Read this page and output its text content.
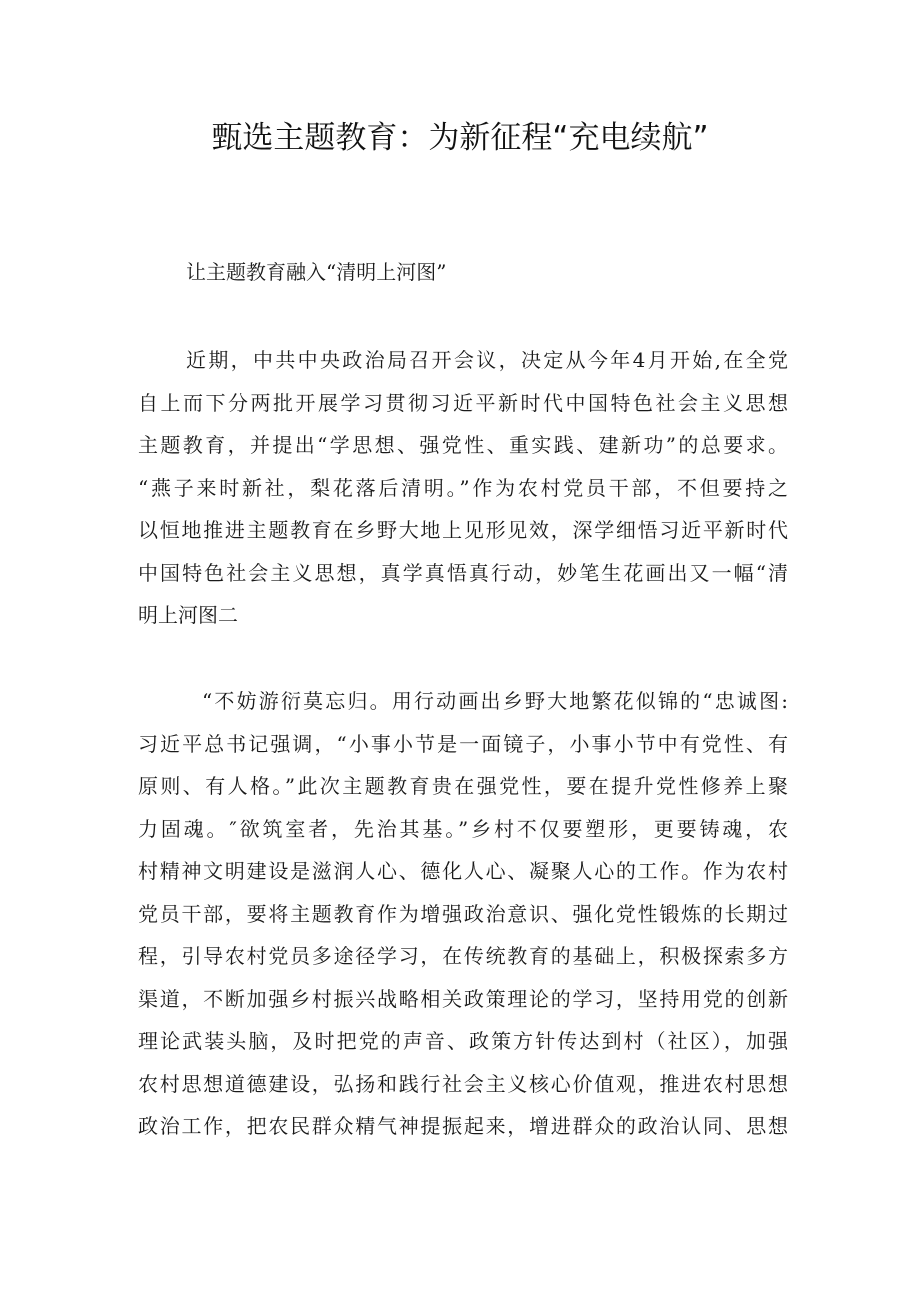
甄选主题教育：为新征程“充电续航”

让主题教育融入“清明上河图”

近期，中共中央政治局召开会议，决定从今年4月开始,在全党
自上而下分两批开展学习贯彻习近平新时代中国特色社会主义思想
主题教育，并提出“学思想、强党性、重实践、建新功”的总要求。
“燕子来时新社，梨花落后清明。”作为农村党员干部，不但要持之
以恒地推进主题教育在乡野大地上见形见效，深学细悟习近平新时代
中国特色社会主义思想，真学真悟真行动，妙笔生花画出又一幅“清
明上河图二
“不妨游衍莫忘归。用行动画出乡野大地繁花似锦的“忠诚图:
习近平总书记强调，“小事小节是一面镜子，小事小节中有党性、有
原则、有人格。”此次主题教育贵在强党性，要在提升党性修养上聚
力固魂。″欲筑室者，先治其基。”乡村不仅要塑形，更要铸魂，农
村精神文明建设是滋润人心、德化人心、凝聚人心的工作。作为农村
党员干部，要将主题教育作为增强政治意识、强化党性锻炼的长期过
程，引导农村党员多途径学习，在传统教育的基础上，积极探索多方
渠道，不断加强乡村振兴战略相关政策理论的学习，坚持用党的创新
理论武装头脑，及时把党的声音、政策方针传达到村（社区），加强
农村思想道德建设，弘扬和践行社会主义核心价值观，推进农村思想
政治工作，把农民群众精气神提振起来，增进群众的政治认同、思想
